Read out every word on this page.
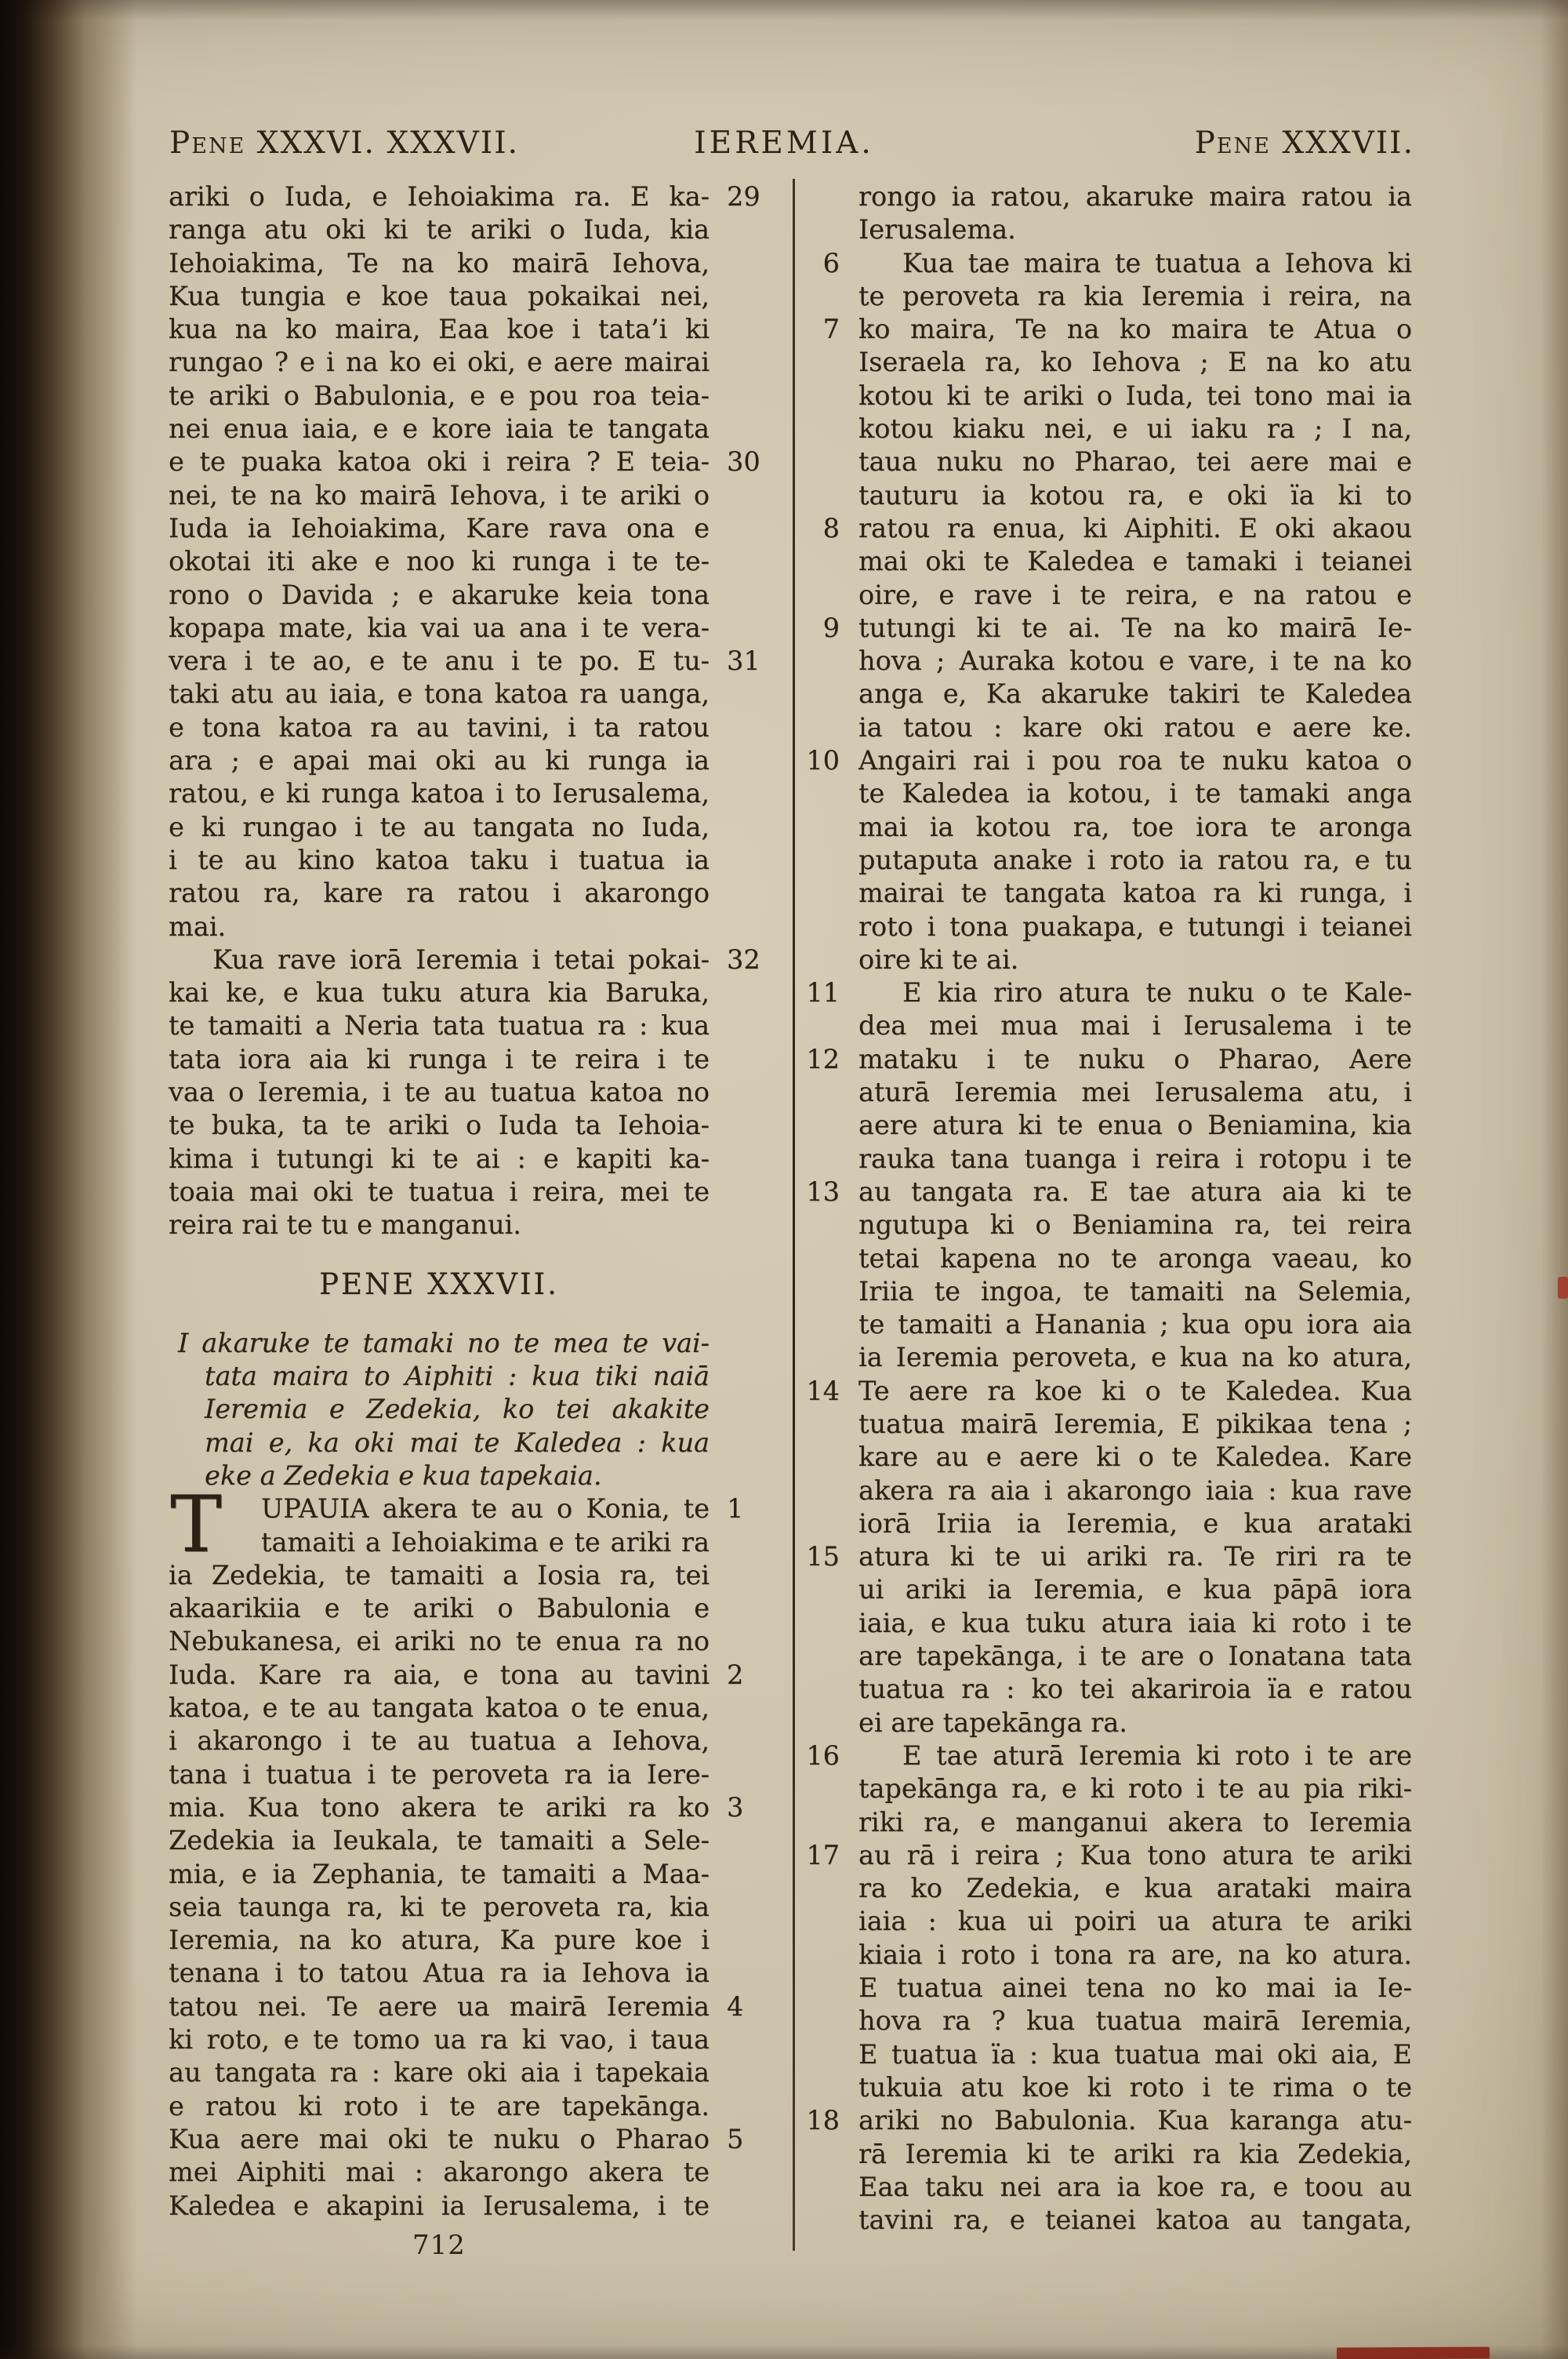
Pene XXXVI. XXXVII.	IEREMIA.	Pene XXXVII.
29
ariki o Iuda, e Iehoiakima ra. E ka-
ranga atu oki ki te ariki o Iuda, kia
Iehoiakima, Te na ko mairā Iehova,
Kua tungia e koe taua pokaikai nei,
kua na ko maira, Eaa koe i tata’i ki
rungao ? e i na ko ei oki, e aere mairai
te ariki o Babulonia, e e pou roa teia-
nei enua iaia, e e kore iaia te tangata
30
e te puaka katoa oki i reira ? E teia-
nei, te na ko mairā Iehova, i te ariki o
Iuda ia Iehoiakima, Kare rava ona e
okotai iti ake e noo ki runga i te te-
rono o Davida ; e akaruke keia tona
kopapa mate, kia vai ua ana i te vera-
31
vera i te ao, e te anu i te po. E tu-
taki atu au iaia, e tona katoa ra uanga,
e tona katoa ra au tavini, i ta ratou
ara ; e apai mai oki au ki runga ia
ratou, e ki runga katoa i to Ierusalema,
e ki rungao i te au tangata no Iuda,
i te au kino katoa taku i tuatua ia
ratou ra, kare ra ratou i akarongo
mai.
32
Kua rave iorā Ieremia i tetai pokai-
kai ke, e kua tuku atura kia Baruka,
te tamaiti a Neria tata tuatua ra : kua
tata iora aia ki runga i te reira i te
vaa o Ieremia, i te au tuatua katoa no
te buka, ta te ariki o Iuda ta Iehoia-
kima i tutungi ki te ai : e kapiti ka-
toaia mai oki te tuatua i reira, mei te
reira rai te tu e manganui.
PENE XXXVII.
I akaruke te tamaki no te mea te vai-
tata maira to Aiphiti : kua tiki naiā
Ieremia e Zedekia, ko tei akakite
mai e, ka oki mai te Kaledea : kua
eke a Zedekia e kua tapekaia.
1
T UPAUIA akera te au o Konia, te
tamaiti a Iehoiakima e te ariki ra
ia Zedekia, te tamaiti a Iosia ra, tei
akaarikiia e te ariki o Babulonia e
Nebukanesa, ei ariki no te enua ra no
2
Iuda. Kare ra aia, e tona au tavini
katoa, e te au tangata katoa o te enua,
i akarongo i te au tuatua a Iehova,
tana i tuatua i te peroveta ra ia Iere-
3
mia. Kua tono akera te ariki ra ko
Zedekia ia Ieukala, te tamaiti a Sele-
mia, e ia Zephania, te tamaiti a Maa-
seia taunga ra, ki te peroveta ra, kia
Ieremia, na ko atura, Ka pure koe i
tenana i to tatou Atua ra ia Iehova ia
4
tatou nei. Te aere ua mairā Ieremia
ki roto, e te tomo ua ra ki vao, i taua
au tangata ra : kare oki aia i tapekaia
e ratou ki roto i te are tapekānga.
5
Kua aere mai oki te nuku o Pharao
mei Aiphiti mai : akarongo akera te
Kaledea e akapini ia Ierusalema, i te
rongo ia ratou, akaruke maira ratou ia
Ierusalema.
6 Kua tae maira te tuatua a Iehova ki
te peroveta ra kia Ieremia i reira, na
7 ko maira, Te na ko maira te Atua o
Iseraela ra, ko Iehova ; E na ko atu
kotou ki te ariki o Iuda, tei tono mai ia
kotou kiaku nei, e ui iaku ra ; I na,
taua nuku no Pharao, tei aere mai e
tauturu ia kotou ra, e oki ïa ki to
8 ratou ra enua, ki Aiphiti. E oki akaou
mai oki te Kaledea e tamaki i teianei
oire, e rave i te reira, e na ratou e
9 tutungi ki te ai. Te na ko mairā Ie-
hova ; Auraka kotou e vare, i te na ko
anga e, Ka akaruke takiri te Kaledea
ia tatou : kare oki ratou e aere ke.
10 Angairi rai i pou roa te nuku katoa o
te Kaledea ia kotou, i te tamaki anga
mai ia kotou ra, toe iora te aronga
putaputa anake i roto ia ratou ra, e tu
mairai te tangata katoa ra ki runga, i
roto i tona puakapa, e tutungi i teianei
oire ki te ai.
11 E kia riro atura te nuku o te Kale-
dea mei mua mai i Ierusalema i te
12 mataku i te nuku o Pharao, Aere
aturā Ieremia mei Ierusalema atu, i
aere atura ki te enua o Beniamina, kia
rauka tana tuanga i reira i rotopu i te
13 au tangata ra. E tae atura aia ki te
ngutupa ki o Beniamina ra, tei reira
tetai kapena no te aronga vaeau, ko
Iriia te ingoa, te tamaiti na Selemia,
te tamaiti a Hanania ; kua opu iora aia
ia Ieremia peroveta, e kua na ko atura,
14 Te aere ra koe ki o te Kaledea. Kua
tuatua mairā Ieremia, E pikikaa tena ;
kare au e aere ki o te Kaledea. Kare
akera ra aia i akarongo iaia : kua rave
iorā Iriia ia Ieremia, e kua arataki
15 atura ki te ui ariki ra. Te riri ra te
ui ariki ia Ieremia, e kua pāpā iora
iaia, e kua tuku atura iaia ki roto i te
are tapekānga, i te are o Ionatana tata
tuatua ra : ko tei akariroia ïa e ratou
ei are tapekānga ra.
16 E tae aturā Ieremia ki roto i te are
tapekānga ra, e ki roto i te au pia riki-
riki ra, e manganui akera to Ieremia
17 au rā i reira ; Kua tono atura te ariki
ra ko Zedekia, e kua arataki maira
iaia : kua ui poiri ua atura te ariki
kiaia i roto i tona ra are, na ko atura.
E tuatua ainei tena no ko mai ia Ie-
hova ra ? kua tuatua mairā Ieremia,
E tuatua ïa : kua tuatua mai oki aia, E
tukuia atu koe ki roto i te rima o te
18 ariki no Babulonia. Kua karanga atu-
rā Ieremia ki te ariki ra kia Zedekia,
Eaa taku nei ara ia koe ra, e toou au
tavini ra, e teianei katoa au tangata,
712
